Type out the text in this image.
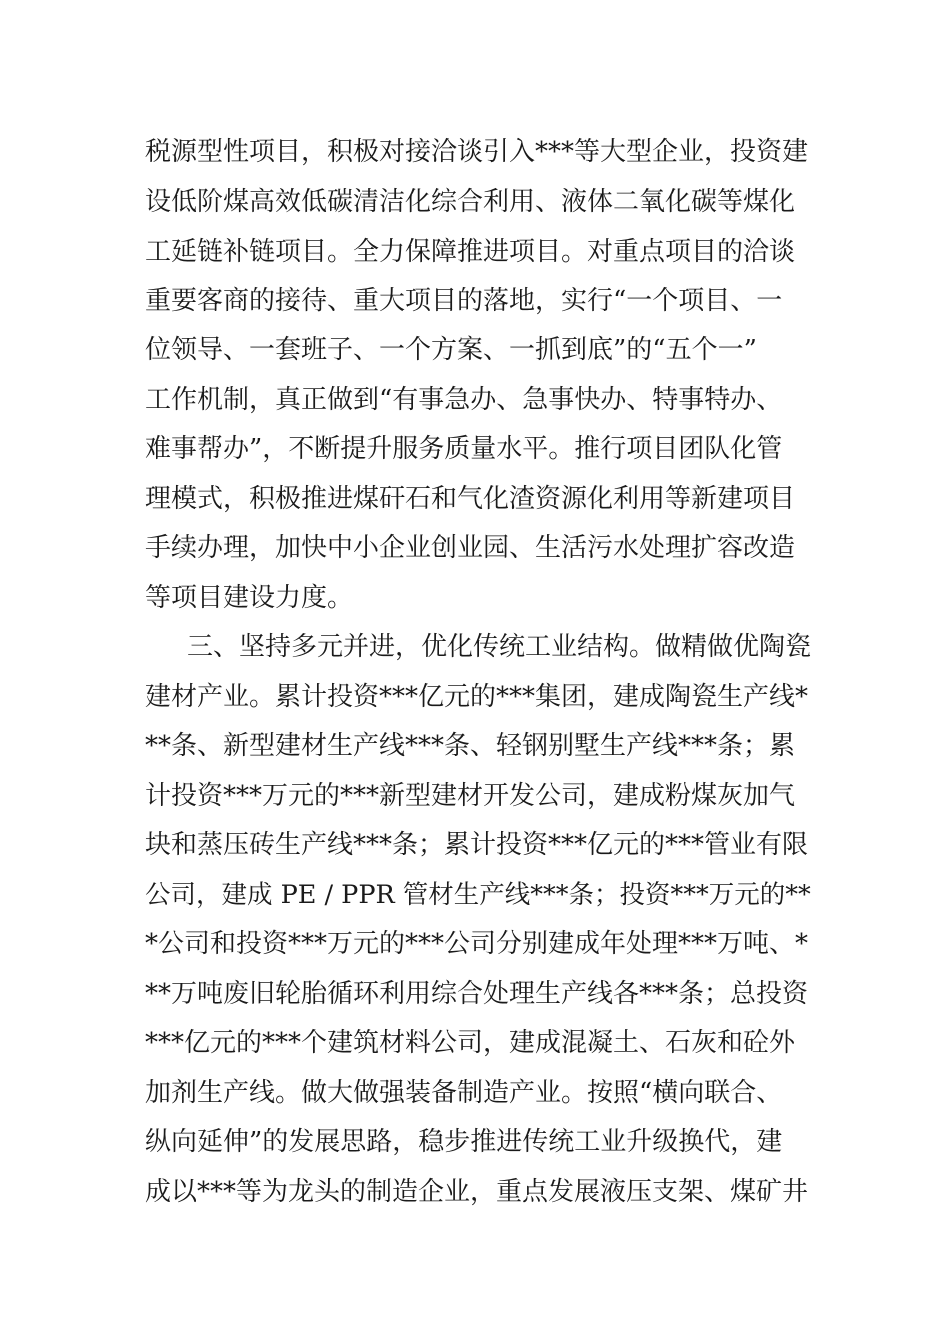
税源型性项目，积极对接洽谈引入***等大型企业，投资建
设低阶煤高效低碳清洁化综合利用、液体二氧化碳等煤化
工延链补链项目。全力保障推进项目。对重点项目的洽谈
重要客商的接待、重大项目的落地，实行“一个项目、一
位领导、一套班子、一个方案、一抓到底”的“五个一”
工作机制，真正做到“有事急办、急事快办、特事特办、
难事帮办”，不断提升服务质量水平。推行项目团队化管
理模式，积极推进煤矸石和气化渣资源化利用等新建项目
手续办理，加快中小企业创业园、生活污水处理扩容改造
等项目建设力度。
三、坚持多元并进，优化传统工业结构。做精做优陶瓷
建材产业。累计投资***亿元的***集团，建成陶瓷生产线*
**条、新型建材生产线***条、轻钢别墅生产线***条；累
计投资***万元的***新型建材开发公司，建成粉煤灰加气
块和蒸压砖生产线***条；累计投资***亿元的***管业有限
公司，建成 PE / PPR 管材生产线***条；投资***万元的**
*公司和投资***万元的***公司分别建成年处理***万吨、*
**万吨废旧轮胎循环利用综合处理生产线各***条；总投资
***亿元的***个建筑材料公司，建成混凝土、石灰和砼外
加剂生产线。做大做强装备制造产业。按照“横向联合、
纵向延伸”的发展思路，稳步推进传统工业升级换代，建
成以***等为龙头的制造企业，重点发展液压支架、煤矿井
